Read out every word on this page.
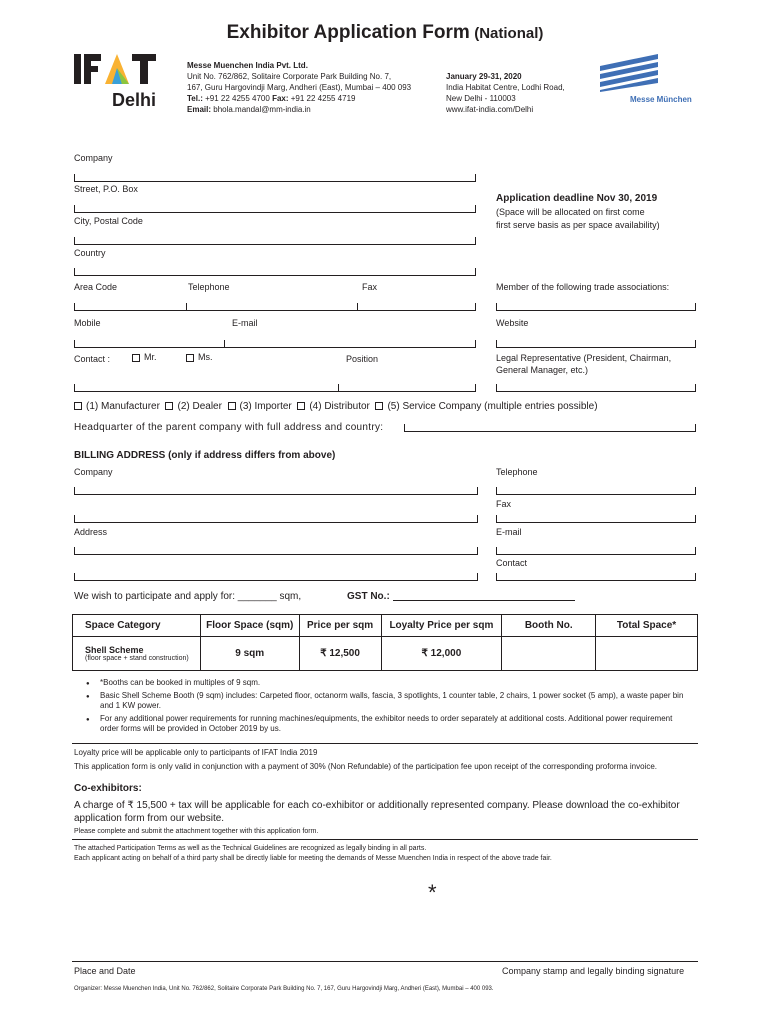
Exhibitor Application Form (National)
Delhi
Messe Muenchen India Pvt. Ltd.
Unit No. 762/862, Solitaire Corporate Park Building No. 7,
167, Guru Hargovindji Marg, Andheri (East), Mumbai – 400 093
Tel.: +91 22 4255 4700 Fax: +91 22 4255 4719
Email: bhola.mandal@mm-india.in
January 29-31, 2020
India Habitat Centre, Lodhi Road,
New Delhi - 110003
www.ifat-india.com/Delhi
Messe München
Company
Street, P.O. Box
City, Postal Code
Country
Area Code	Telephone	Fax
Mobile	E-mail
Contact :	Mr.	Ms.	Position
Application deadline Nov 30, 2019
(Space will be allocated on first come
first serve basis as per space availability)
Member of the following trade associations:
Website
Legal Representative (President, Chairman,
General Manager, etc.)
(1) Manufacturer (2) Dealer (3) Importer (4) Distributor (5) Service Company (multiple entries possible)
Headquarter of the parent company with full address and country:
BILLING ADDRESS (only if address differs from above)
Company
Address
Telephone
Fax
E-mail
Contact
We wish to participate and apply for: _______ sqm,	GST No.:
Space Category	Floor Space (sqm)	Price per sqm	Loyalty Price per sqm	Booth No.	Total Space*

Shell Scheme
(floor space + stand construction)	9 sqm	₹ 12,500	₹ 12,000		
● *Booths can be booked in multiples of 9 sqm.
● Basic Shell Scheme Booth (9 sqm) includes: Carpeted floor, octanorm walls, fascia, 3 spotlights, 1 counter table, 2 chairs, 1 power socket (5 amp), a waste paper bin and 1 KW power.
● For any additional power requirements for running machines/equipments, the exhibitor needs to order separately at additional costs. Additional power requirement order forms will be provided in October 2019 by us.
Loyalty price will be applicable only to participants of IFAT India 2019
This application form is only valid in conjunction with a payment of 30% (Non Refundable) of the participation fee upon receipt of the corresponding proforma invoice.
Co-exhibitors:
A charge of ₹ 15,500 + tax will be applicable for each co-exhibitor or additionally represented company. Please download the co-exhibitor
application form from our website.
Please complete and submit the attachment together with this application form.
The attached Participation Terms as well as the Technical Guidelines are recognized as legally binding in all parts.
Each applicant acting on behalf of a third party shall be directly liable for meeting the demands of Messe Muenchen India in respect of the above trade fair.
*
Place and Date	Company stamp and legally binding signature
Organizer: Messe Muenchen India, Unit No. 762/862, Solitaire Corporate Park Building No. 7, 167, Guru Hargovindji Marg, Andheri (East), Mumbai – 400 093.
